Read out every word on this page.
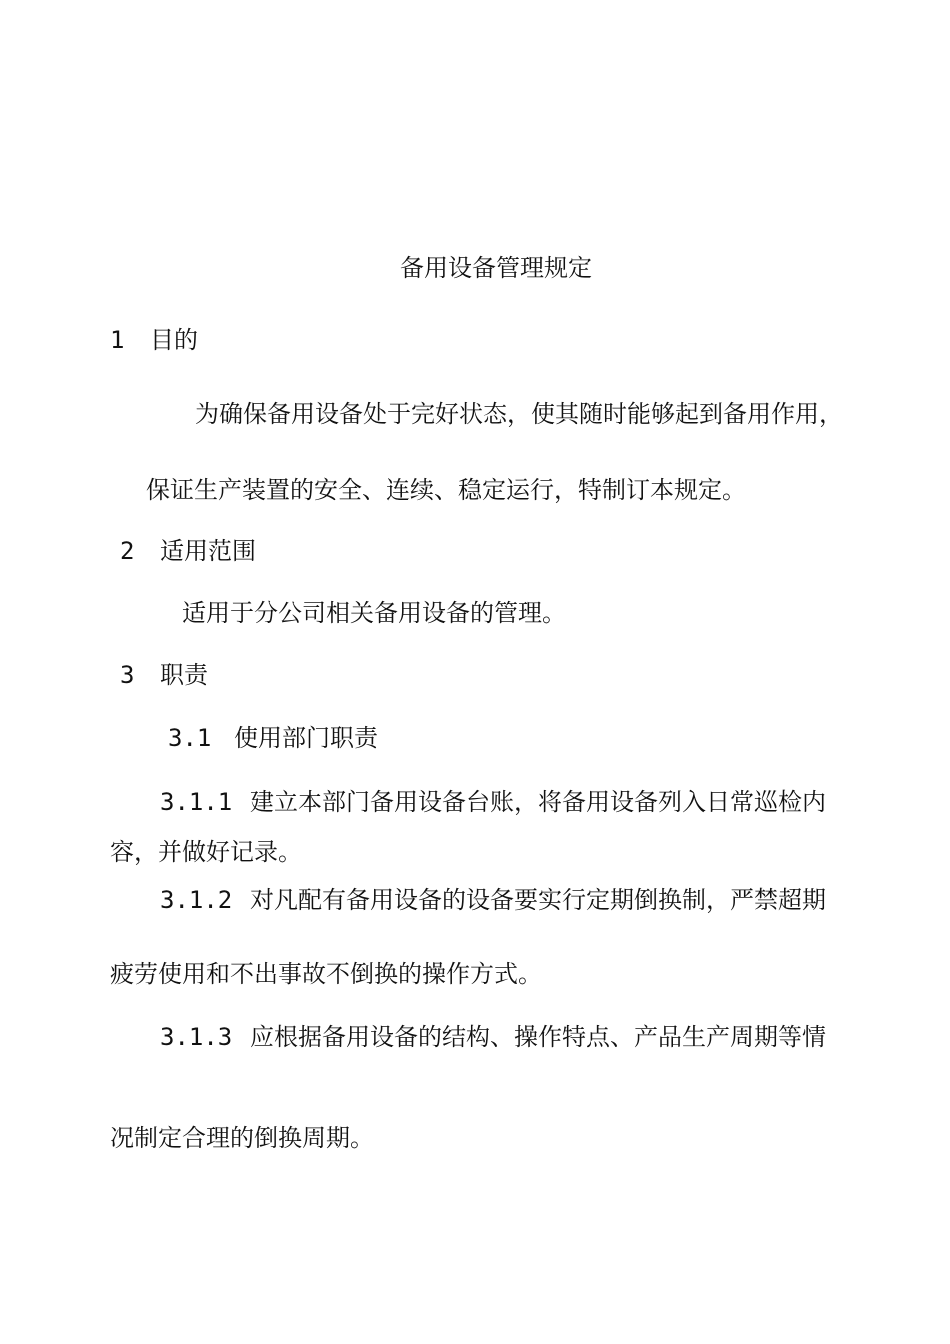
备用设备管理规定
1 目的
为确保备用设备处于完好状态，使其随时能够起到备用作用，
保证生产装置的安全、连续、稳定运行，特制订本规定。
2 适用范围
适用于分公司相关备用设备的管理。
3 职责
3.1 使用部门职责
3.1.1 建立本部门备用设备台账，将备用设备列入日常巡检内
容，并做好记录。
3.1.2 对凡配有备用设备的设备要实行定期倒换制，严禁超期
疲劳使用和不出事故不倒换的操作方式。
3.1.3 应根据备用设备的结构、操作特点、产品生产周期等情
况制定合理的倒换周期。
